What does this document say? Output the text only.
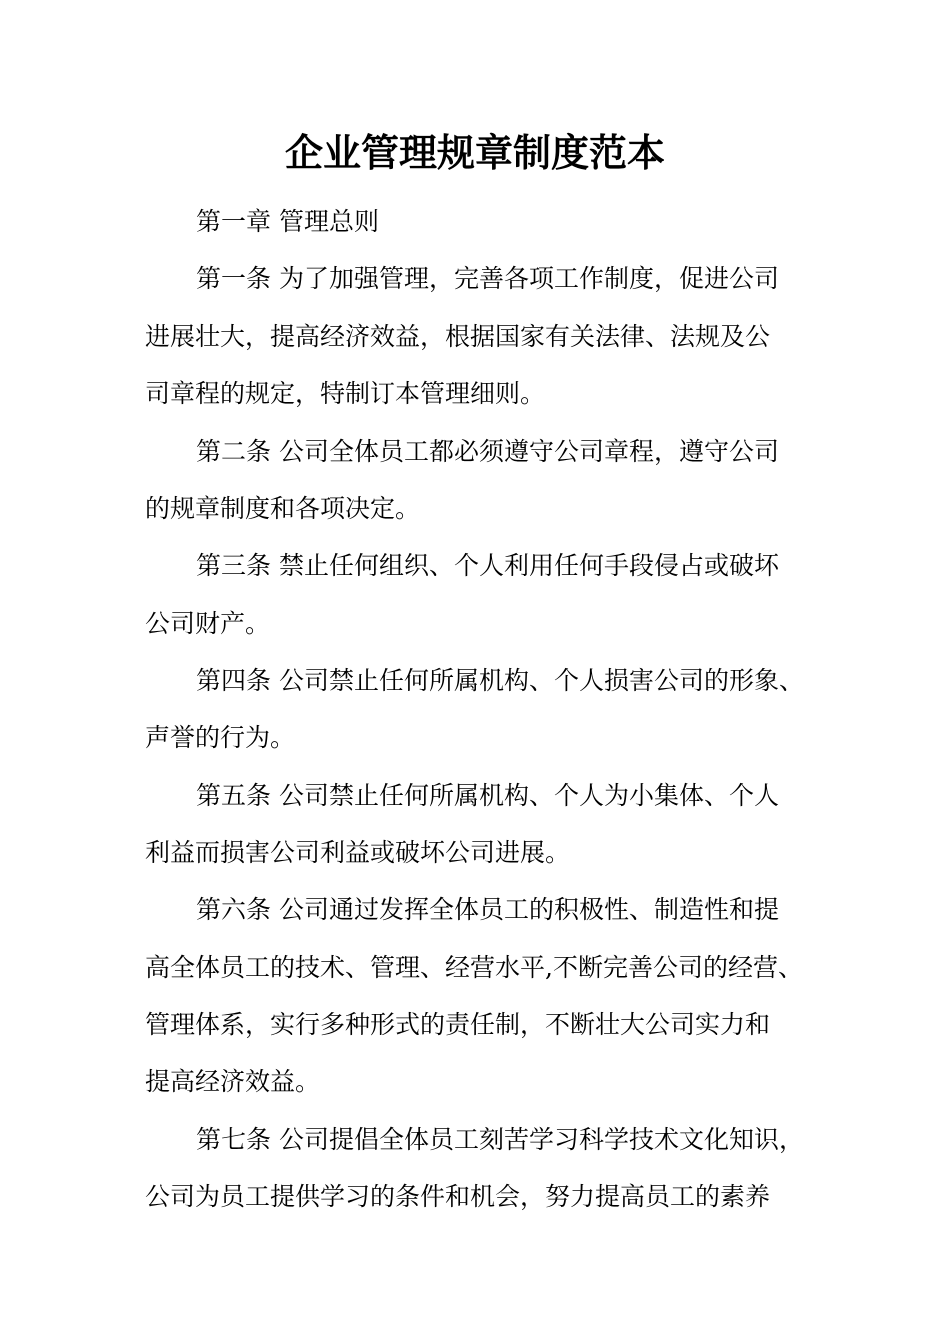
企业管理规章制度范本
第一章 管理总则
第一条 为了加强管理，完善各项工作制度，促进公司
进展壮大，提高经济效益，根据国家有关法律、法规及公
司章程的规定，特制订本管理细则。
第二条 公司全体员工都必须遵守公司章程，遵守公司
的规章制度和各项决定。
第三条 禁止任何组织、个人利用任何手段侵占或破坏
公司财产。
第四条 公司禁止任何所属机构、个人损害公司的形象、
声誉的行为。
第五条 公司禁止任何所属机构、个人为小集体、个人
利益而损害公司利益或破坏公司进展。
第六条 公司通过发挥全体员工的积极性、制造性和提
高全体员工的技术、管理、经营水平,不断完善公司的经营、
管理体系，实行多种形式的责任制，不断壮大公司实力和
提高经济效益。
第七条 公司提倡全体员工刻苦学习科学技术文化知识，
公司为员工提供学习的条件和机会，努力提高员工的素养
